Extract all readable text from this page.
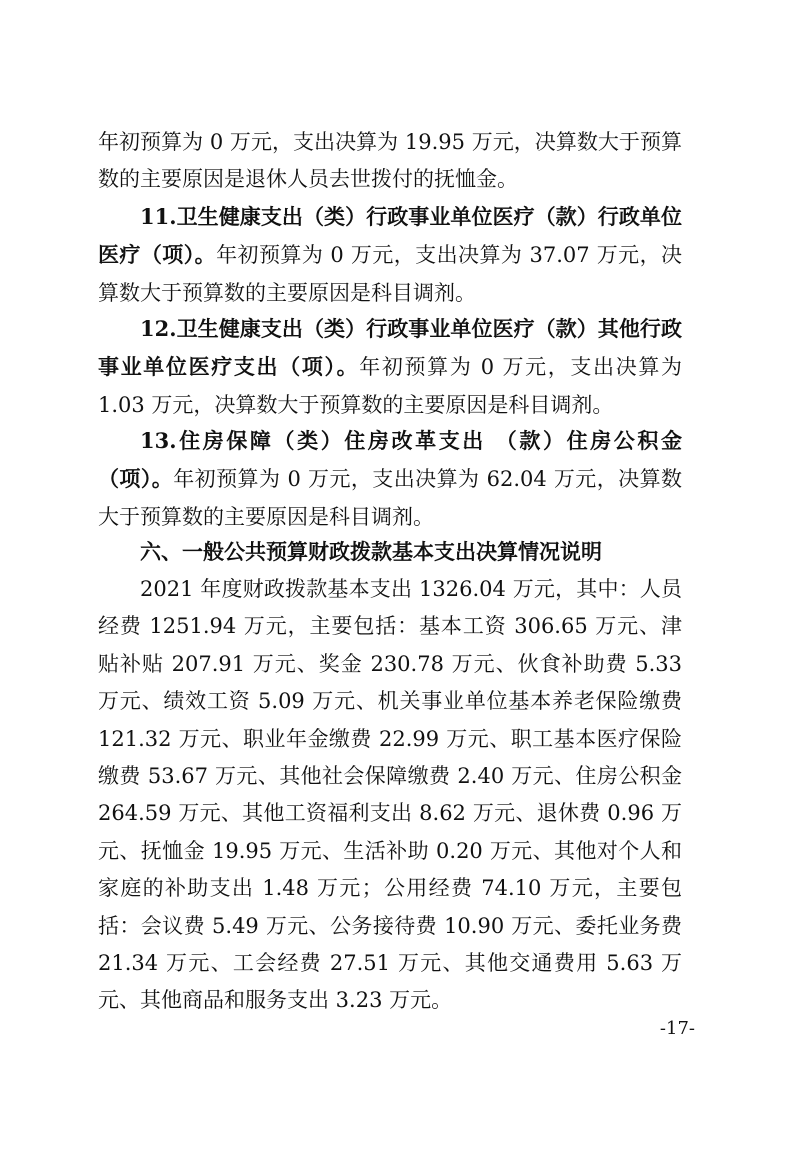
年初预算为 0 万元，支出决算为 19.95 万元，决算数大于预算数的主要原因是退休人员去世拨付的抚恤金。

11.卫生健康支出（类）行政事业单位医疗（款）行政单位医疗（项）。年初预算为 0 万元，支出决算为 37.07 万元，决算数大于预算数的主要原因是科目调剂。

12.卫生健康支出（类）行政事业单位医疗（款）其他行政事业单位医疗支出（项）。年初预算为 0 万元，支出决算为 1.03 万元，决算数大于预算数的主要原因是科目调剂。

13.住房保障（类）住房改革支出 （款）住房公积金（项）。年初预算为 0 万元，支出决算为 62.04 万元，决算数大于预算数的主要原因是科目调剂。

六、一般公共预算财政拨款基本支出决算情况说明

2021 年度财政拨款基本支出 1326.04 万元，其中：人员经费 1251.94 万元，主要包括：基本工资 306.65 万元、津贴补贴 207.91 万元、奖金 230.78 万元、伙食补助费 5.33 万元、绩效工资 5.09 万元、机关事业单位基本养老保险缴费 121.32 万元、职业年金缴费 22.99 万元、职工基本医疗保险缴费 53.67 万元、其他社会保障缴费 2.40 万元、住房公积金 264.59 万元、其他工资福利支出 8.62 万元、退休费 0.96 万元、抚恤金 19.95 万元、生活补助 0.20 万元、其他对个人和家庭的补助支出 1.48 万元；公用经费 74.10 万元，主要包括：会议费 5.49 万元、公务接待费 10.90 万元、委托业务费 21.34 万元、工会经费 27.51 万元、其他交通费用 5.63 万元、其他商品和服务支出 3.23 万元。

-17-
